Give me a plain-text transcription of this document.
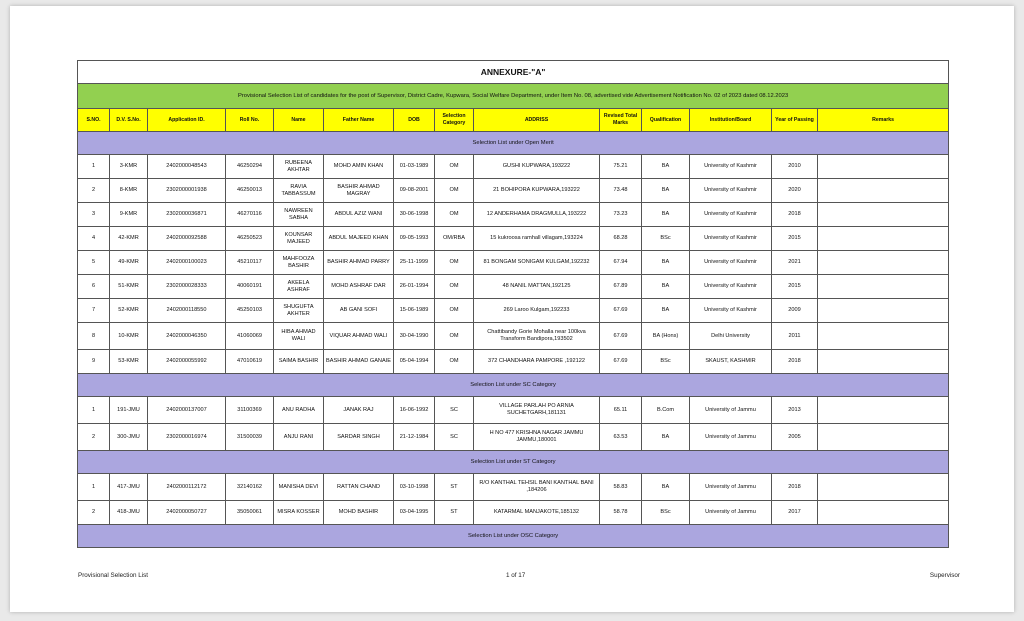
ANNEXURE-"A"													
Provisional Selection List of candidates for the post of Supervisor, District Cadre, Kupwara, Social Welfare Department, under Item No. 08, advertised vide Advertisement Notification No. 02 of 2023 dated 08.12.2023													
S.NO.	D.V. S.No.	Application ID.	Roll No.	Name	Father Name	DOB	Selection Category	ADDRISS	Revised Total Marks	Qualification	Institution/Board	Year of Passing	Remarks
Selection List under Open Merit													
1	3-KMR	2402000048543	46250294	RUBEENA AKHTAR	MOHD AMIN KHAN	01-03-1989	OM	GUSHI KUPWARA,193222	75.21	BA	University of Kashmir	2010	
2	8-KMR	2302000001938	46250013	RAVIA TABBASSUM	BASHIR AHMAD MAGRAY	09-08-2001	OM	21 BOHIPORA KUPWARA,193222	73.48	BA	University of Kashmir	2020	
3	9-KMR	2302000036871	46270116	NAWREEN SABHA	ABDUL AZIZ WANI	30-06-1998	OM	12 ANDERHAMA DRAGMULLA,193222	73.23	BA	University of Kashmir	2018	
4	42-KMR	2402000092588	46250523	KOUNSAR MAJEED	ABDUL MAJEED KHAN	09-05-1993	OM/RBA	15 kukroosa ramhall villagam,193224	68.28	BSc	University of Kashmir	2015	
5	49-KMR	2402000100023	45210117	MAHFOOZA BASHIR	BASHIR AHMAD PARRY	25-11-1999	OM	81 BONGAM SONIGAM KULGAM,192232	67.94	BA	University of Kashmir	2021	
6	51-KMR	2302000028333	40060191	AKEELA ASHRAF	MOHD ASHRAF DAR	26-01-1994	OM	48 NANIL MATTAN,192125	67.89	BA	University of Kashmir	2015	
7	52-KMR	2402000118550	45250103	SHUGUFTA AKHTER	AB GANI SOFI	15-06-1989	OM	269 Laroo Kulgam,192233	67.69	BA	University of Kashmir	2009	
8	10-KMR	2402000046350	41060069	HIBA AHMAD WALI	VIQUAR AHMAD WALI	30-04-1990	OM	Chattibandy Gorie Mohalla near 100kva Transform Bandipora,193502	67.69	BA (Hons)	Delhi University	2011	
9	53-KMR	2402000055992	47010619	SAIMA BASHIR	BASHIR AHMAD GANAIE	05-04-1994	OM	372 CHANDHARA PAMPORE ,192122	67.69	BSc	SKAUST, KASHMIR	2018	
Selection List under SC Category													
1	191-JMU	2402000137007	31100369	ANU RADHA	JANAK RAJ	16-06-1992	SC	VILLAGE PARLAH PO ARNIA SUCHETGARH,181131	65.11	B.Com	University of Jammu	2013	
2	300-JMU	2302000016974	31500039	ANJU RANI	SARDAR SINGH	21-12-1984	SC	H NO 477 KRISHNA NAGAR JAMMU JAMMU,180001	63.53	BA	University of Jammu	2005	
Selection List under ST Category													
1	417-JMU	2402000112172	32140162	MANISHA DEVI	RATTAN CHAND	03-10-1998	ST	R/O KANTHAL TEHSIL BANI KANTHAL BANI ,184206	58.83	BA	University of Jammu	2018	
2	418-JMU	2402000050727	35050061	MISRA KOSSER	MOHD BASHIR	03-04-1995	ST	KATARMAL MANJAKOTE,185132	58.78	BSc	University of Jammu	2017	
Selection List under OSC Category													
Provisional Selection List	1 of 17	Supervisor
